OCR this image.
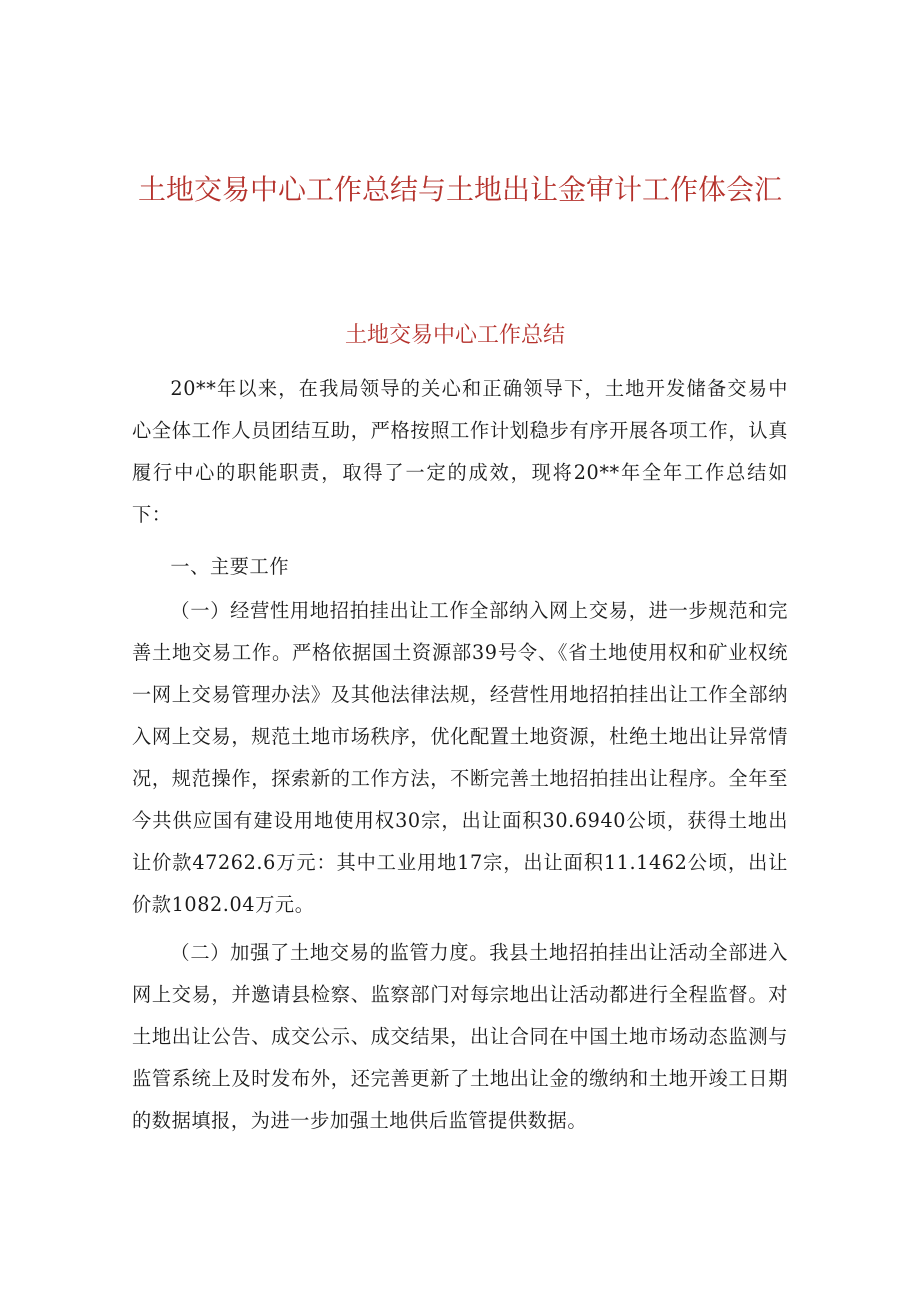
土地交易中心工作总结与土地出让金审计工作体会汇
土地交易中心工作总结

20**年以来，在我局领导的关心和正确领导下，土地开发储备交易中心全体工作人员团结互助，严格按照工作计划稳步有序开展各项工作，认真履行中心的职能职责，取得了一定的成效，现将20**年全年工作总结如下：

一、主要工作

（一）经营性用地招拍挂出让工作全部纳入网上交易，进一步规范和完善土地交易工作。严格依据国土资源部39号令、《省土地使用权和矿业权统一网上交易管理办法》及其他法律法规，经营性用地招拍挂出让工作全部纳入网上交易，规范土地市场秩序，优化配置土地资源，杜绝土地出让异常情况，规范操作，探索新的工作方法，不断完善土地招拍挂出让程序。全年至今共供应国有建设用地使用权30宗，出让面积30.6940公顷，获得土地出让价款47262.6万元：其中工业用地17宗，出让面积11.1462公顷，出让价款1082.04万元。

（二）加强了土地交易的监管力度。我县土地招拍挂出让活动全部进入网上交易，并邀请县检察、监察部门对每宗地出让活动都进行全程监督。对土地出让公告、成交公示、成交结果，出让合同在中国土地市场动态监测与监管系统上及时发布外，还完善更新了土地出让金的缴纳和土地开竣工日期的数据填报，为进一步加强土地供后监管提供数据。
